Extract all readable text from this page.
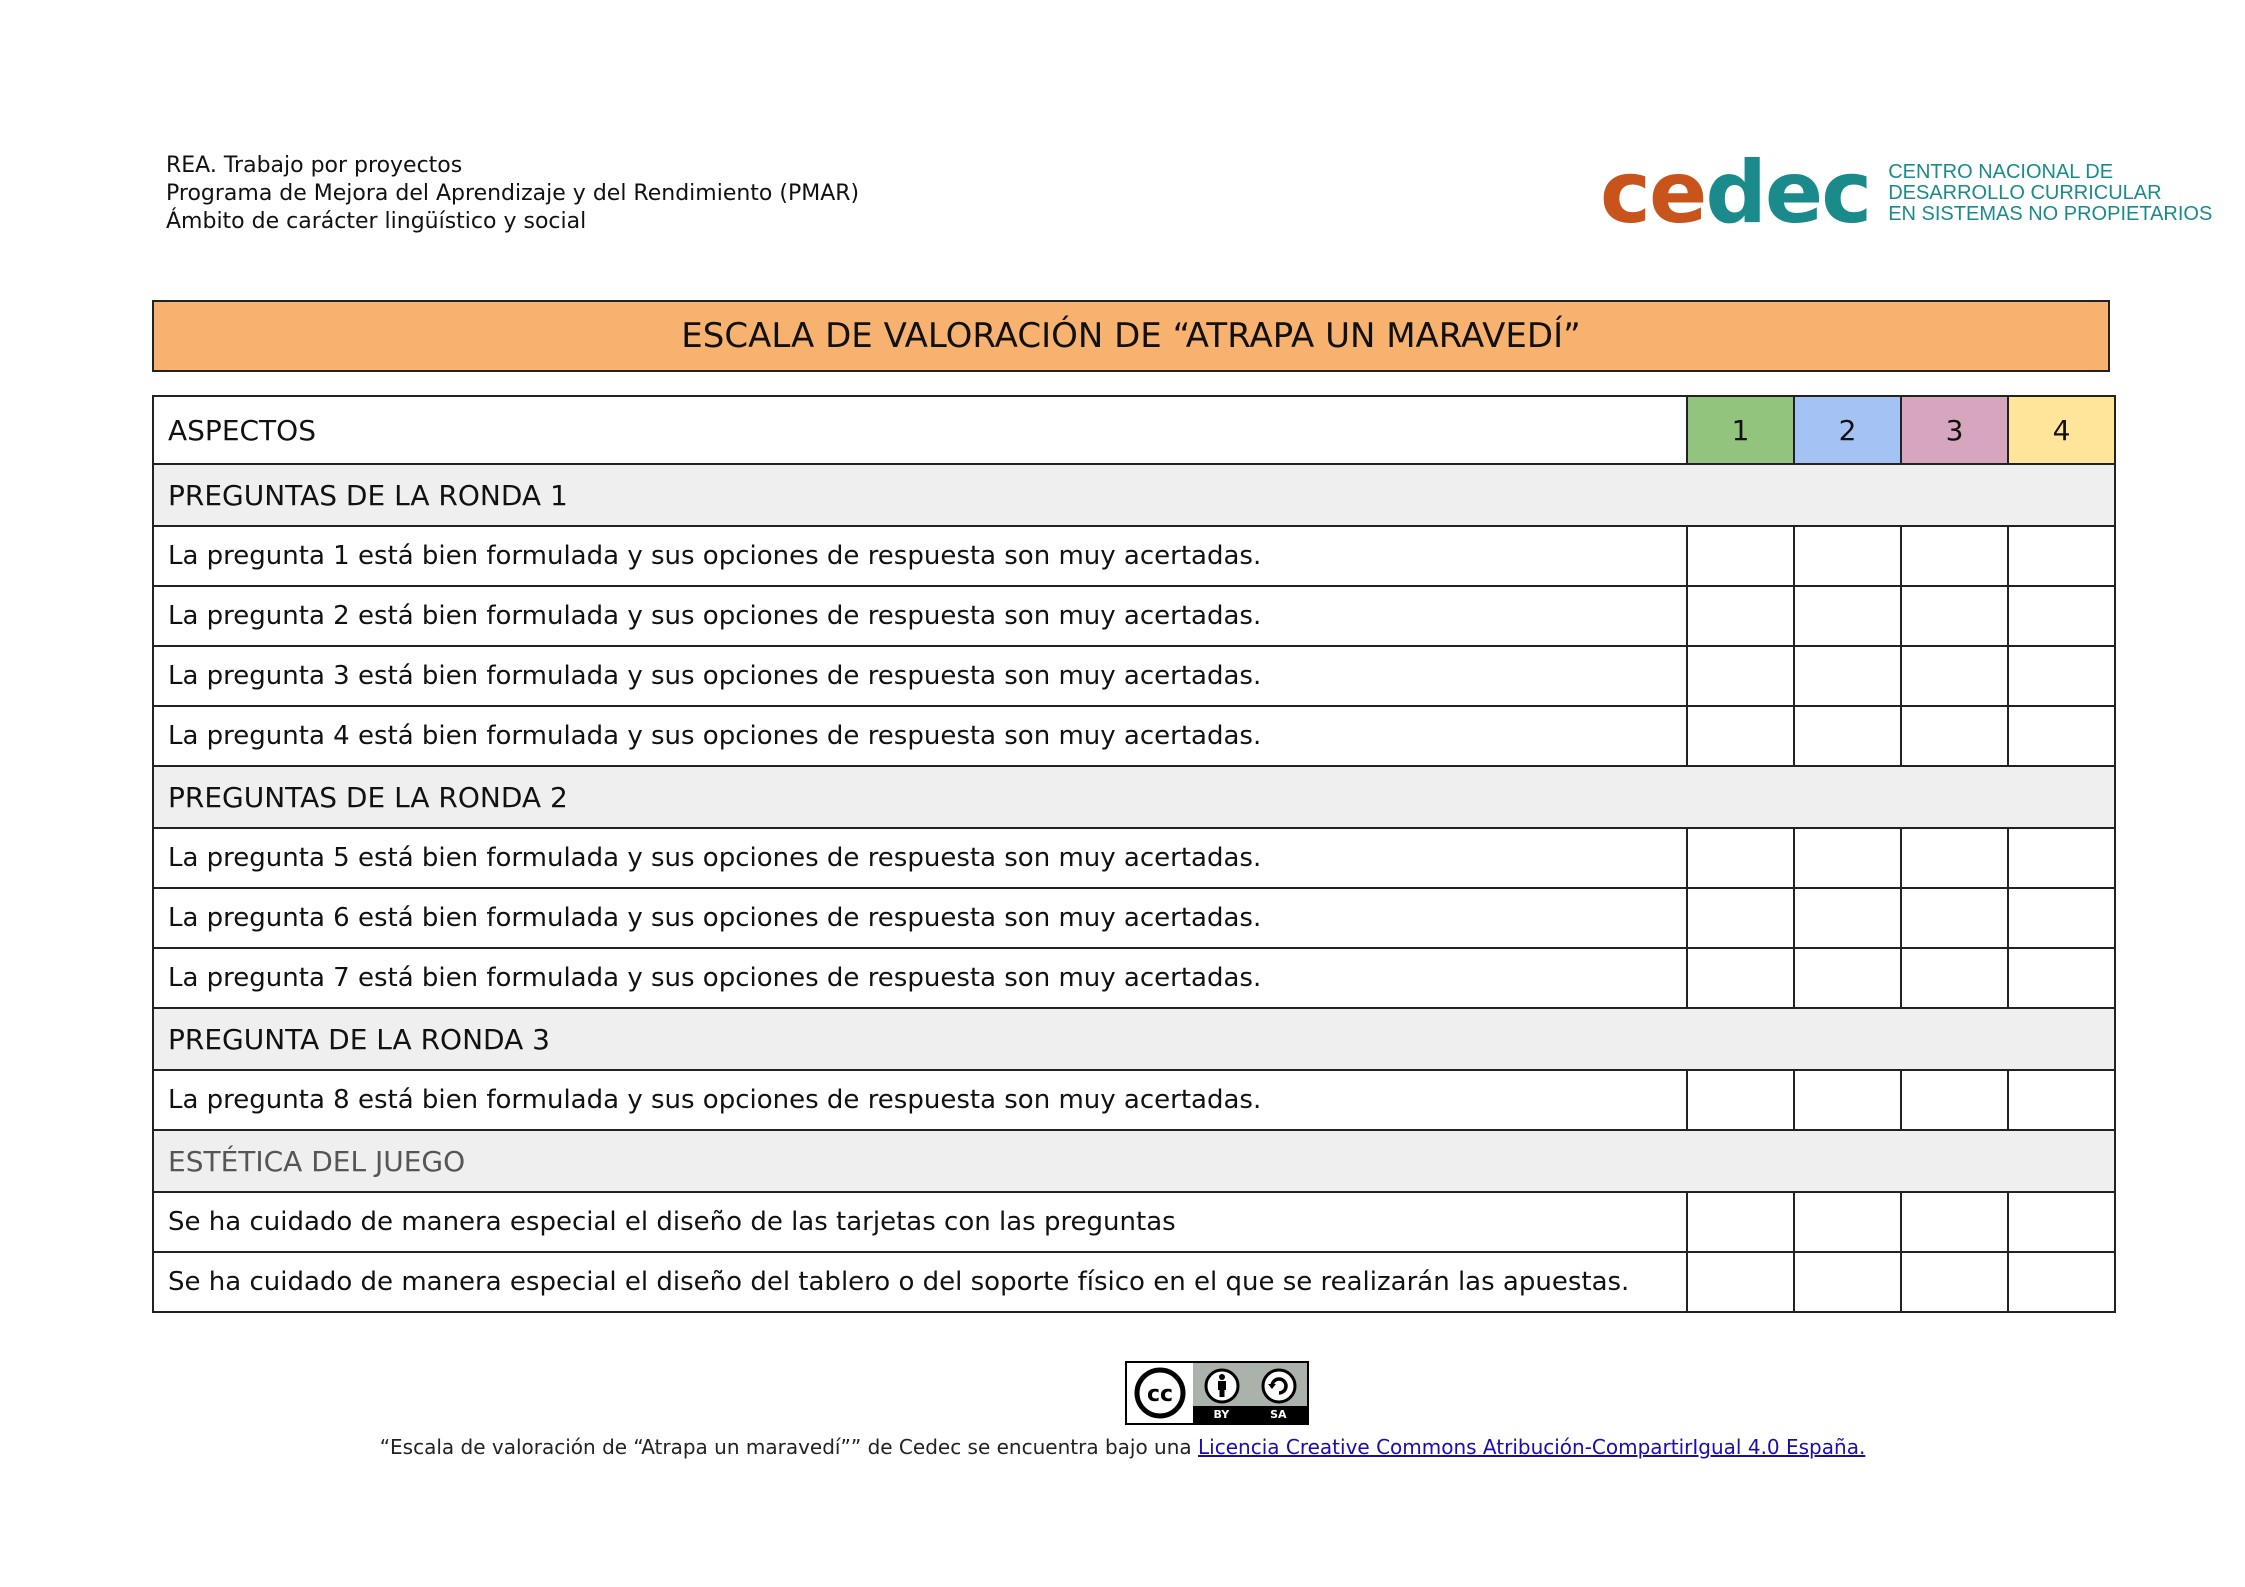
REA. Trabajo por proyectos
Programa de Mejora del Aprendizaje y del Rendimiento (PMAR)
Ámbito de carácter lingüístico y social	cedec CENTRO NACIONAL DE
DESARROLLO CURRICULAR
EN SISTEMAS NO PROPIETARIOS
ESCALA DE VALORACIÓN DE “ATRAPA UN MARAVEDÍ”
ASPECTOS	1	2	3	4
PREGUNTAS DE LA RONDA 1				
La pregunta 1 está bien formulada y sus opciones de respuesta son muy acertadas.				
La pregunta 2 está bien formulada y sus opciones de respuesta son muy acertadas.				
La pregunta 3 está bien formulada y sus opciones de respuesta son muy acertadas.				
La pregunta 4 está bien formulada y sus opciones de respuesta son muy acertadas.				
PREGUNTAS DE LA RONDA 2				
La pregunta 5 está bien formulada y sus opciones de respuesta son muy acertadas.				
La pregunta 6 está bien formulada y sus opciones de respuesta son muy acertadas.				
La pregunta 7 está bien formulada y sus opciones de respuesta son muy acertadas.				
PREGUNTA DE LA RONDA 3				
La pregunta 8 está bien formulada y sus opciones de respuesta son muy acertadas.				
ESTÉTICA DEL JUEGO				
Se ha cuidado de manera especial el diseño de las tarjetas con las preguntas				
Se ha cuidado de manera especial el diseño del tablero o del soporte físico en el que se realizarán las apuestas.				
cc
BY	SA
“Escala de valoración de “Atrapa un maravedí”” de Cedec se encuentra bajo una Licencia Creative Commons Atribución-CompartirIgual 4.0 España.
